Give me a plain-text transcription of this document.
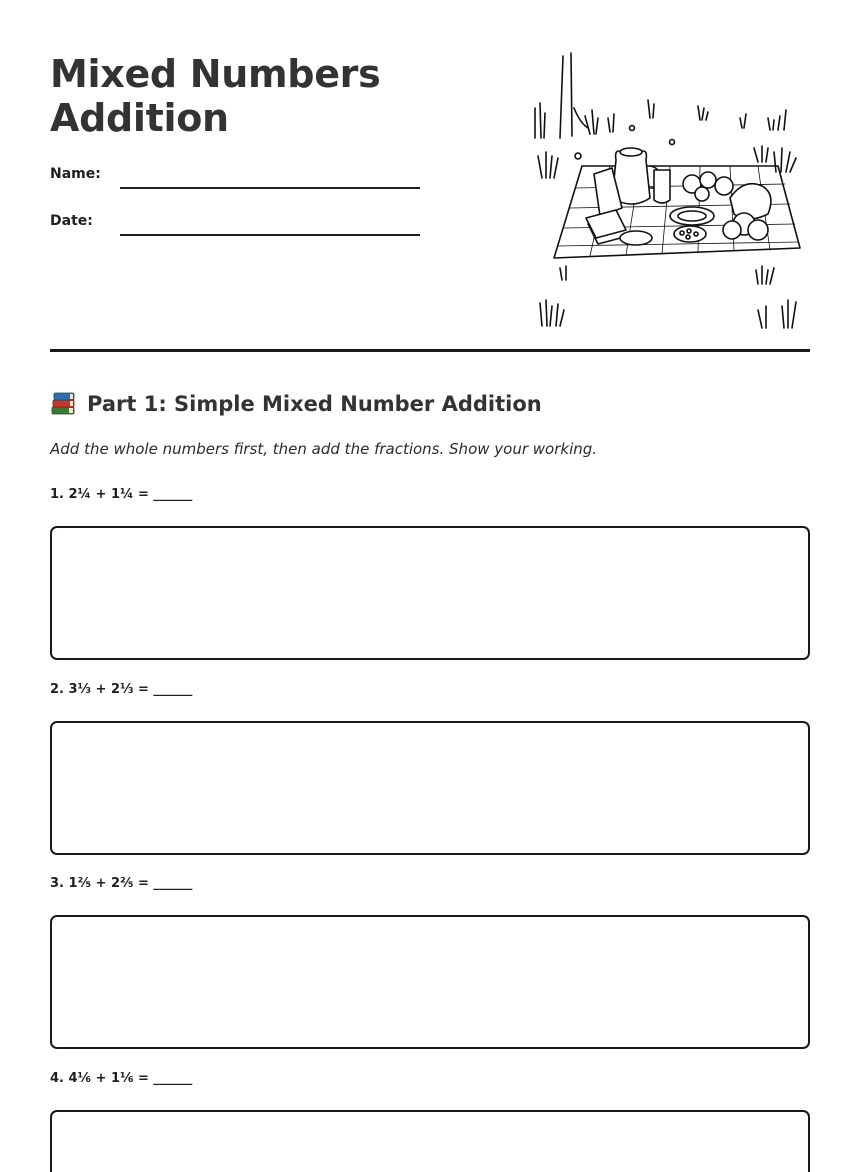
Mixed Numbers
Addition
Name:
Date:
Part 1: Simple Mixed Number Addition
Add the whole numbers first, then add the fractions. Show your working.
1. 2¼ + 1¼ = ______
2. 3⅓ + 2⅓ = ______
3. 1⅖ + 2⅖ = ______
4. 4⅙ + 1⅙ = ______
